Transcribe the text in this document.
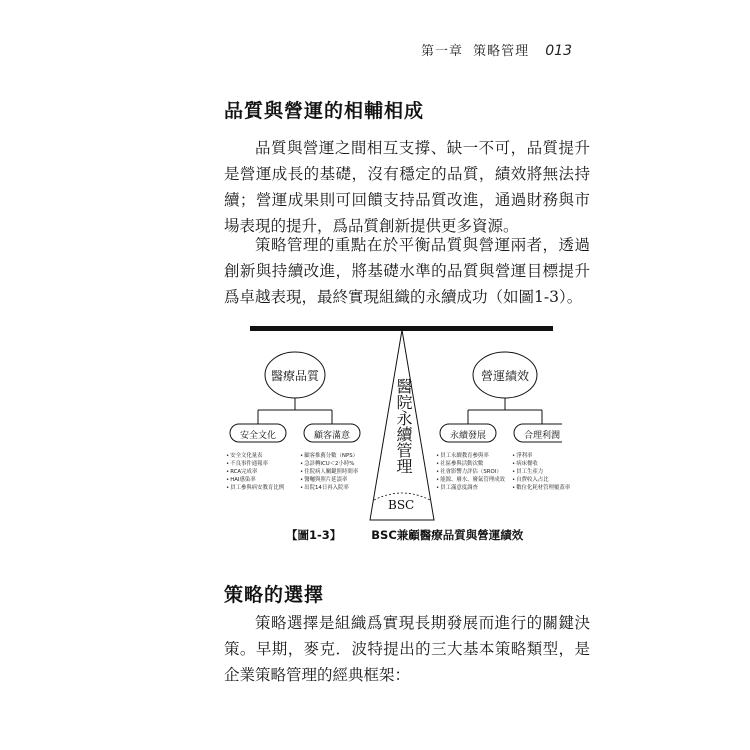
第一章 策略管理 013
品質與營運的相輔相成

品質與營運之間相互支撐、缺一不可，品質提升是營運成長的基礎，沒有穩定的品質，績效將無法持續；營運成果則可回饋支持品質改進，通過財務與市場表現的提升，爲品質創新提供更多資源。

策略管理的重點在於平衡品質與營運兩者，透過創新與持續改進，將基礎水準的品質與營運目標提升爲卓越表現，最終實現組織的永續成功（如圖1-3）。

醫療品質	營運績效
安全文化	顧客滿意	永續發展	合理利潤
• 安全文化量表
• 不良事件通報率
• RCA完成率
• HAI感染率
• 員工參與病安教育比例
• 顧客推薦分數（NPS）
• 急診轉ICU＜2小時%
• 住院病人關鍵照時間率
• 醫囑與照片延誤率
• 出院14日再入院率
• 員工永續教育參與率
• 社區參與活動次數
• 社會影響力評估（SROI）
• 能源、廢水、廢氣管理成效
• 員工滿意度調查
• 淨利率
• 病床餐收
• 員工生產力
• 自費收入占比
• 數位化耗材管理覆蓋率
醫院永續管理
BSC
【圖1-3】	BSC兼顧醫療品質與營運績效
策略的選擇

策略選擇是組織爲實現長期發展而進行的關鍵決策。早期，麥克．波特提出的三大基本策略類型，是企業策略管理的經典框架：
